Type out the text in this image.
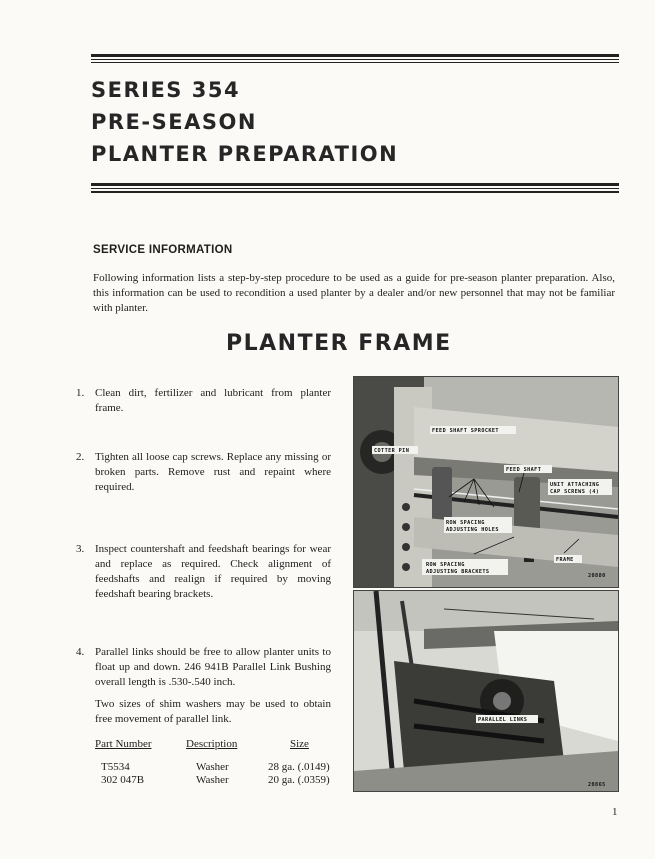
SERIES 354
PRE-SEASON
PLANTER PREPARATION
SERVICE INFORMATION
Following information lists a step-by-step procedure to be used as a guide for pre-season planter preparation. Also, this information can be used to recondition a used planter by a dealer and/or new personnel that may not be familiar with planter.
PLANTER FRAME
1. Clean dirt, fertilizer and lubricant from planter frame.
2. Tighten all loose cap screws. Replace any missing or broken parts. Remove rust and repaint where required.
3. Inspect countershaft and feedshaft bearings for wear and replace as required. Check alignment of feedshafts and realign if required by moving feedshaft bearing brackets.
4. Parallel links should be free to allow planter units to float up and down. 246 941B Parallel Link Bushing overall length is .530-.540 inch.
Two sizes of shim washers may be used to obtain free movement of parallel link.
Part Number	Description	Size
T5534	Washer	28 ga. (.0149)
302 047B	Washer	20 ga. (.0359)
FEED SHAFT SPROCKET
COTTER PIN
FEED SHAFT
UNIT ATTACHING
CAP SCREWS (4)
ROW SPACING
ADJUSTING HOLES
FRAME
ROW SPACING
ADJUSTING BRACKETS
20880
PARALLEL LINKS
20865
1
